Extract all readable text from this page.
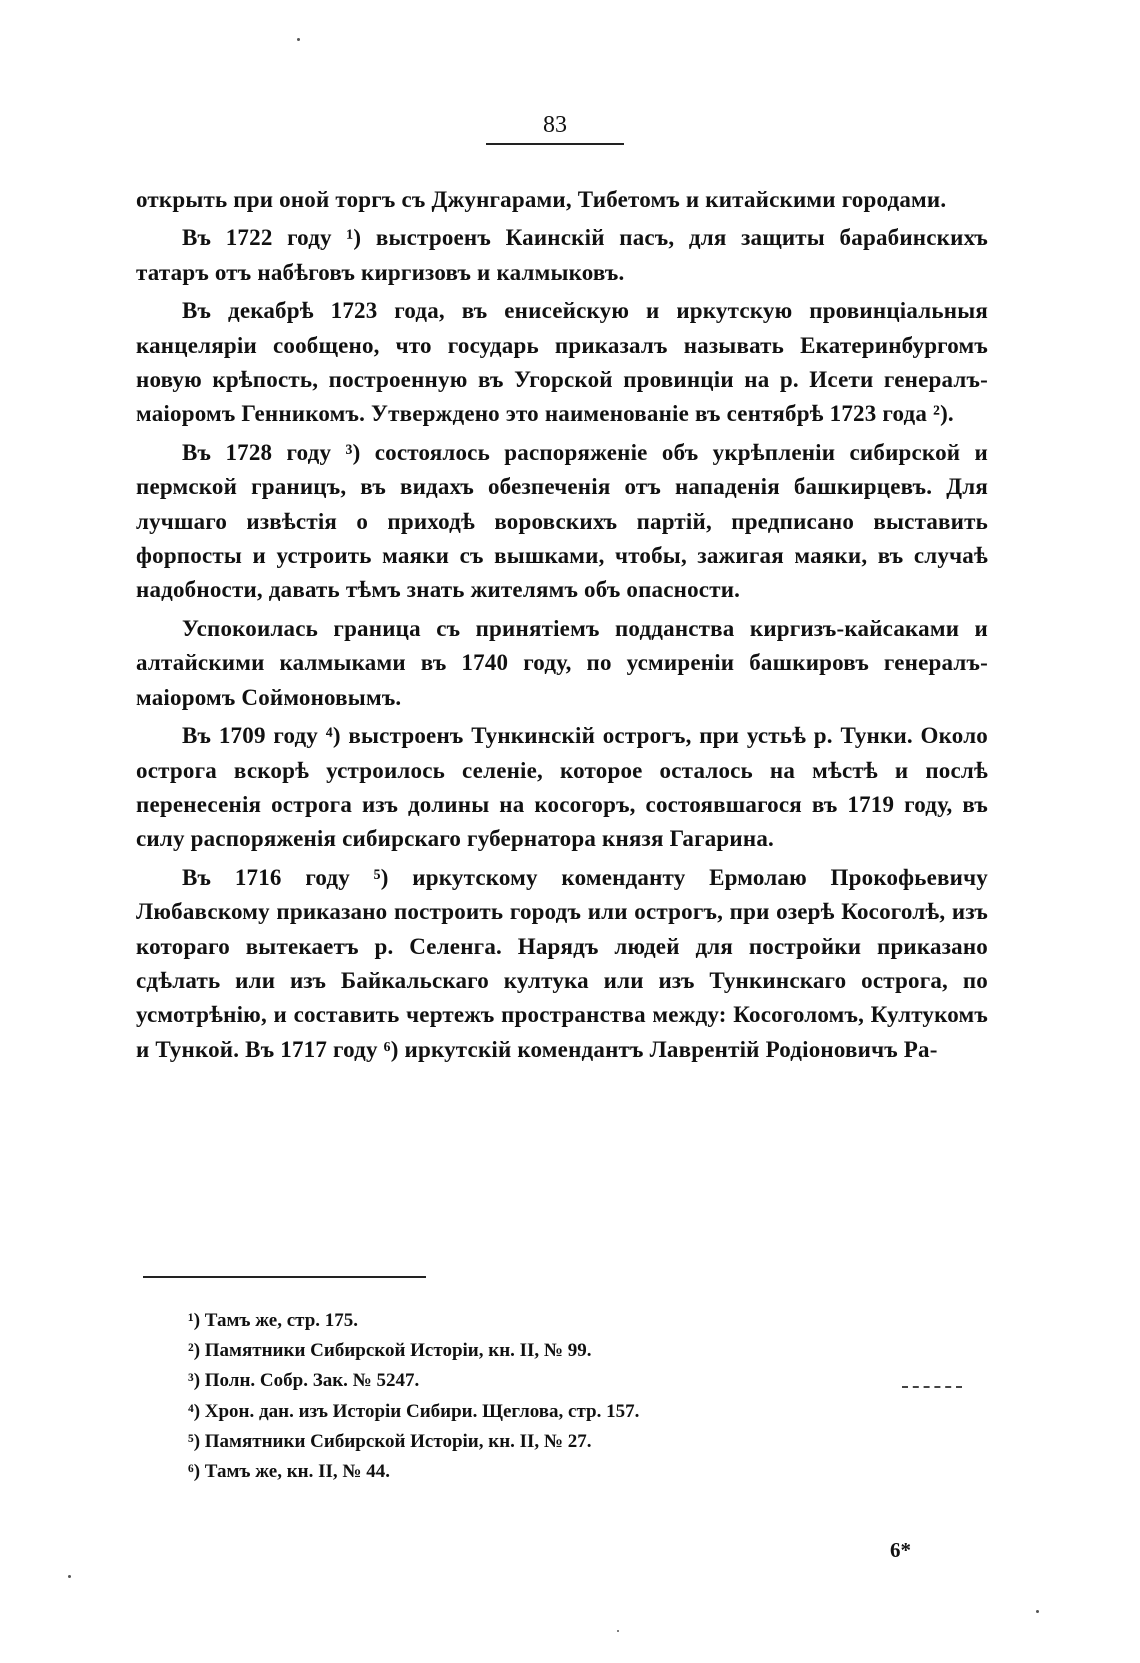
83

открыть при оной торгъ съ Джунгарами, Тибетомъ и китайскими городами.

Въ 1722 году ¹) выстроенъ Каинскій пасъ, для защиты барабинскихъ татаръ отъ набѣговъ киргизовъ и калмыковъ.

Въ декабрѣ 1723 года, въ енисейскую и иркутскую провинціальныя канцеляріи сообщено, что государь приказалъ называть Екатеринбургомъ новую крѣпость, построенную въ Угорской провинціи на р. Исети генералъ-маіоромъ Генникомъ. Утверждено это наименованіе въ сентябрѣ 1723 года ²).

Въ 1728 году ³) состоялось распоряженіе объ укрѣпленіи сибирской и пермской границъ, въ видахъ обезпеченія отъ нападенія башкирцевъ. Для лучшаго извѣстія о приходѣ воровскихъ партій, предписано выставить форпосты и устроить маяки съ вышками, чтобы, зажигая маяки, въ случаѣ надобности, давать тѣмъ знать жителямъ объ опасности.

Успокоилась граница съ принятіемъ подданства киргизъ-кайсаками и алтайскими калмыками въ 1740 году, по усмиреніи башкировъ генералъ-маіоромъ Соймоновымъ.

Въ 1709 году ⁴) выстроенъ Тункинскій острогъ, при устьѣ р. Тунки. Около острога вскорѣ устроилось селеніе, которое осталось на мѣстѣ и послѣ перенесенія острога изъ долины на косогоръ, состоявшагося въ 1719 году, въ силу распоряженія сибирскаго губернатора князя Гагарина.

Въ 1716 году ⁵) иркутскому коменданту Ермолаю Прокофьевичу Любавскому приказано построить городъ или острогъ, при озерѣ Косоголѣ, изъ котораго вытекаетъ р. Селенга. Нарядъ людей для постройки приказано сдѣлать или изъ Байкальскаго култука или изъ Тункинскаго острога, по усмотрѣнію, и составить чертежъ пространства между: Косоголомъ, Култукомъ и Тункой. Въ 1717 году ⁶) иркутскій комендантъ Лаврентій Родіоновичъ Ра-

¹) Тамъ же, стр. 175.
²) Памятники Сибирской Исторіи, кн. II, № 99.
³) Полн. Собр. Зак. № 5247.
⁴) Хрон. дан. изъ Исторіи Сибири. Щеглова, стр. 157.
⁵) Памятники Сибирской Исторіи, кн. II, № 27.
⁶) Тамъ же, кн. II, № 44.
6*
